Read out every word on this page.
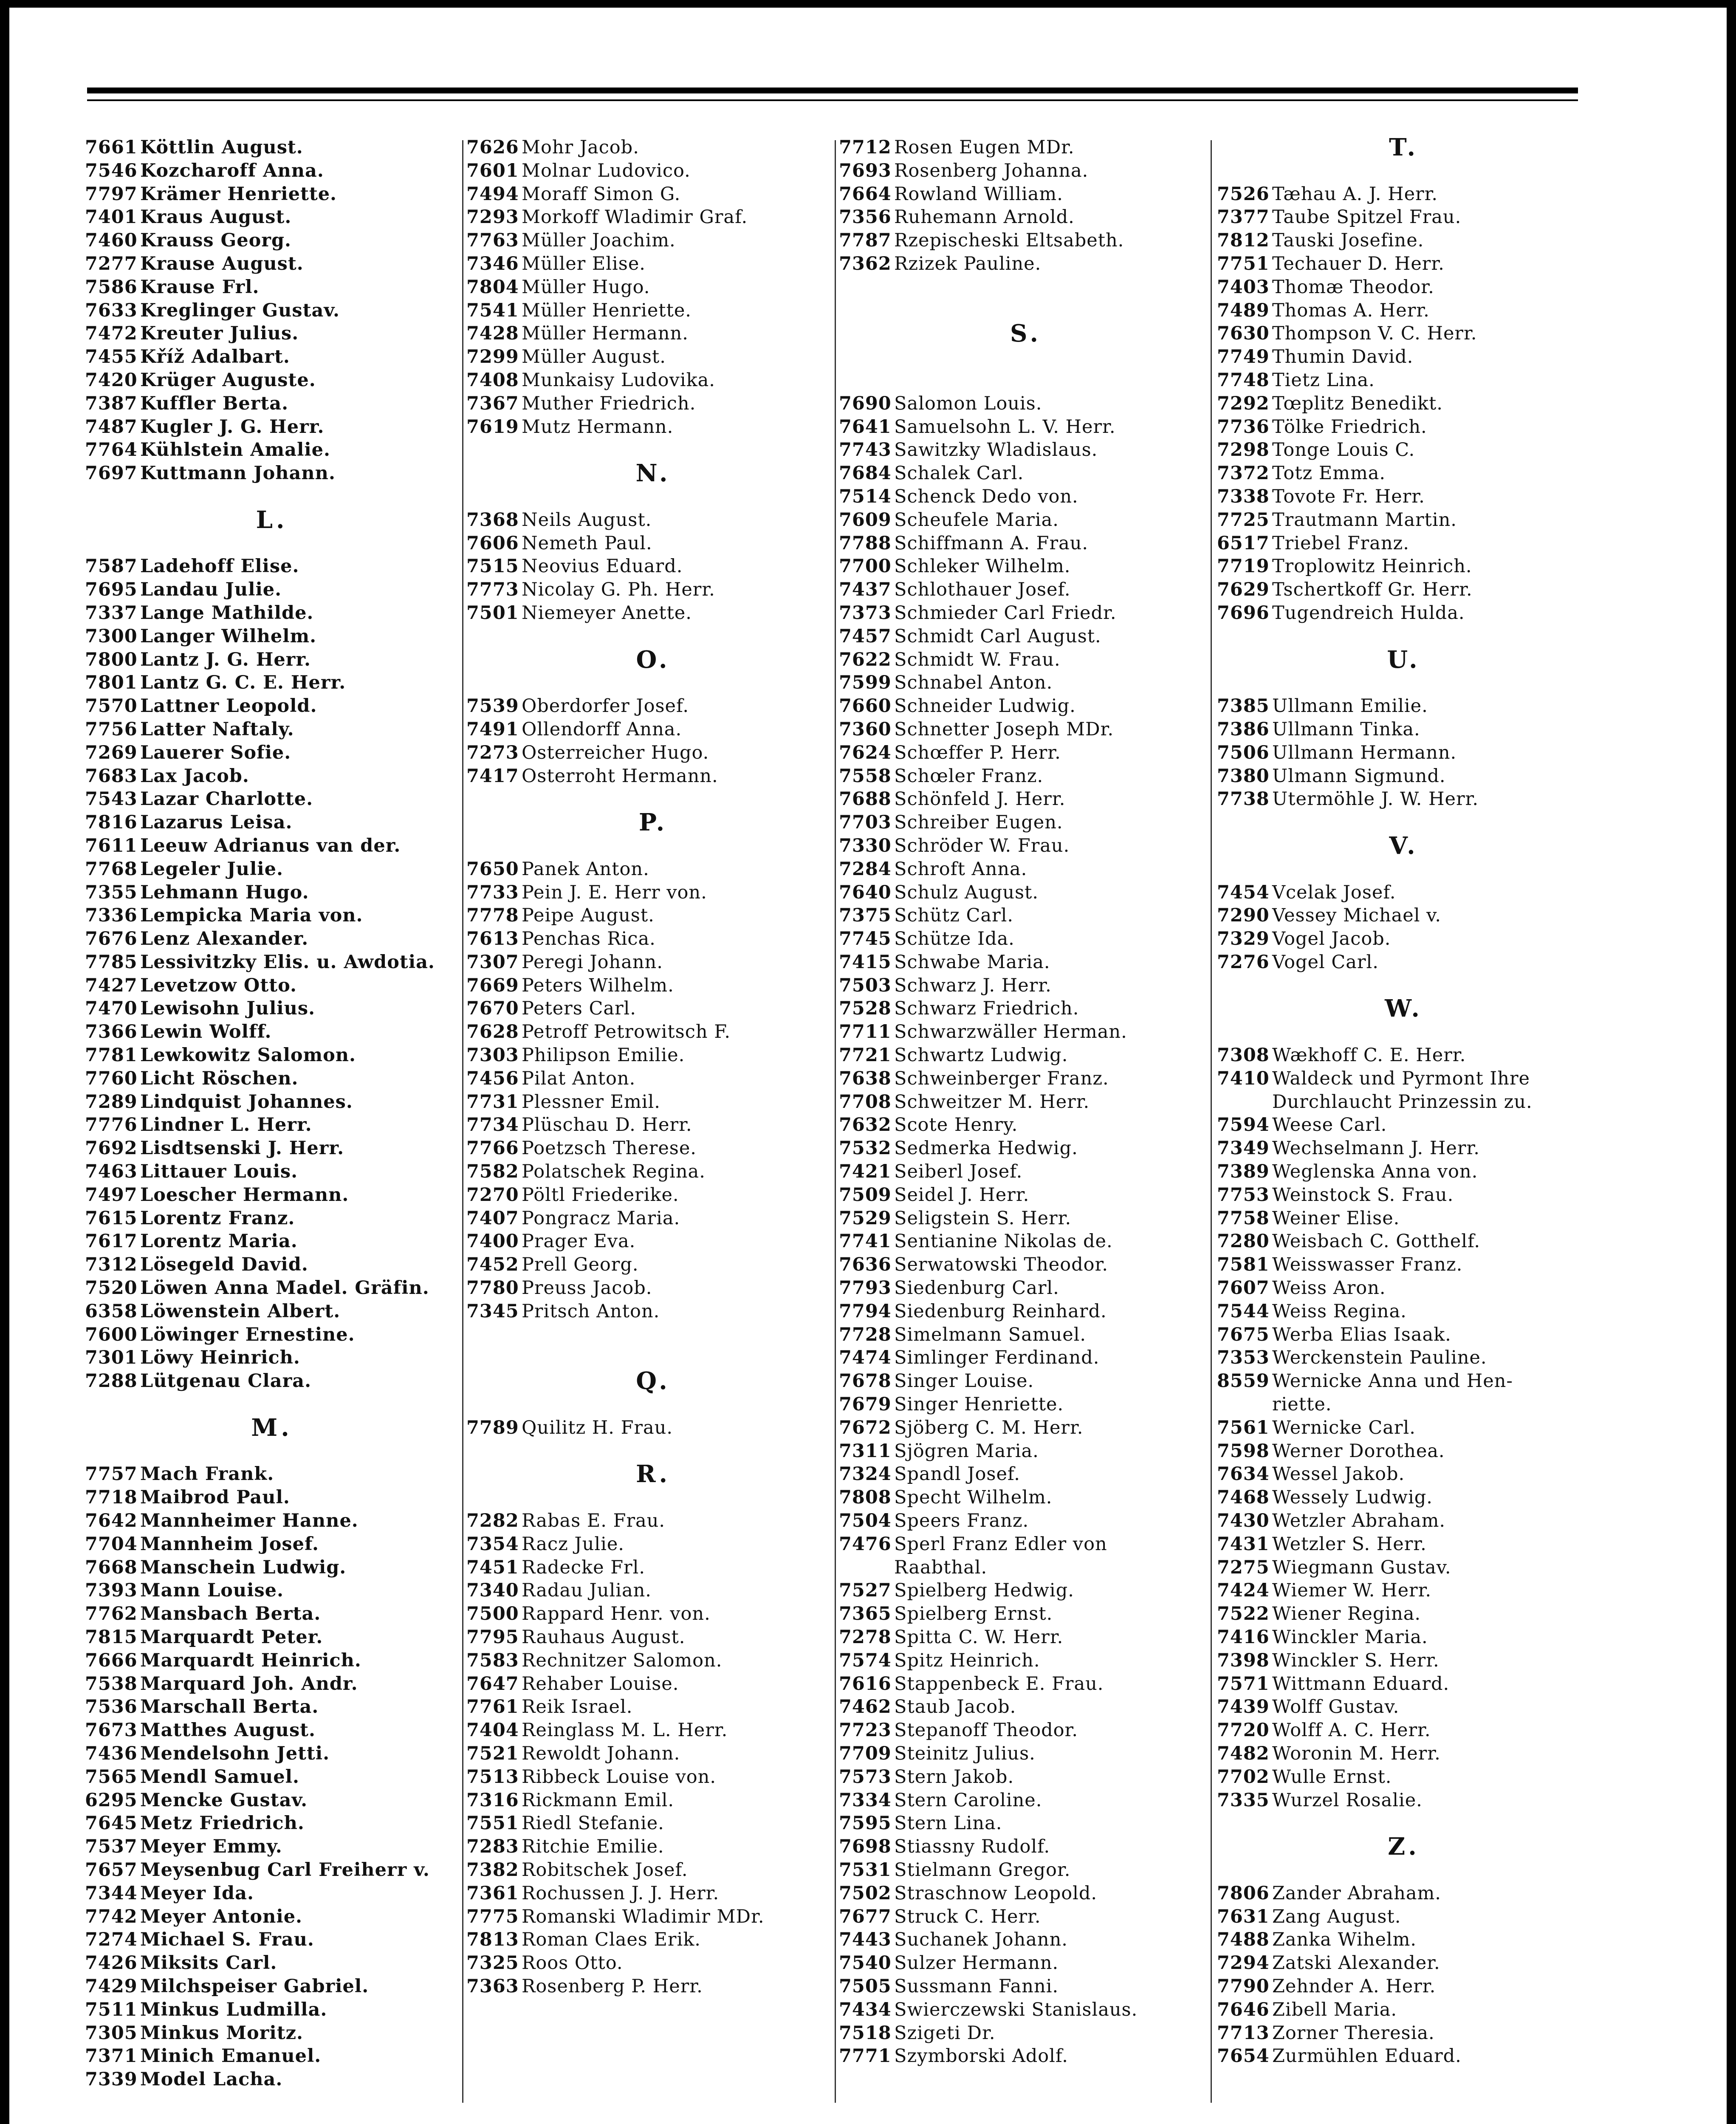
7661 Köttlin August.
7546 Kozcharoff Anna.
7797 Krämer Henriette.
7401 Kraus August.
7460 Krauss Georg.
7277 Krause August.
7586 Krause Frl.
7633 Kreglinger Gustav.
7472 Kreuter Julius.
7455 Kříž Adalbart.
7420 Krüger Auguste.
7387 Kuffler Berta.
7487 Kugler J. G. Herr.
7764 Kühlstein Amalie.
7697 Kuttmann Johann.
L.
7587 Ladehoff Elise.
7695 Landau Julie.
7337 Lange Mathilde.
7300 Langer Wilhelm.
7800 Lantz J. G. Herr.
7801 Lantz G. C. E. Herr.
7570 Lattner Leopold.
7756 Latter Naftaly.
7269 Lauerer Sofie.
7683 Lax Jacob.
7543 Lazar Charlotte.
7816 Lazarus Leisa.
7611 Leeuw Adrianus van der.
7768 Legeler Julie.
7355 Lehmann Hugo.
7336 Lempicka Maria von.
7676 Lenz Alexander.
7785 Lessivitzky Elis. u. Awdotia.
7427 Levetzow Otto.
7470 Lewisohn Julius.
7366 Lewin Wolff.
7781 Lewkowitz Salomon.
7760 Licht Röschen.
7289 Lindquist Johannes.
7776 Lindner L. Herr.
7692 Lisdtsenski J. Herr.
7463 Littauer Louis.
7497 Loescher Hermann.
7615 Lorentz Franz.
7617 Lorentz Maria.
7312 Lösegeld David.
7520 Löwen Anna Madel. Gräfin.
6358 Löwenstein Albert.
7600 Löwinger Ernestine.
7301 Löwy Heinrich.
7288 Lütgenau Clara.
M.
7757 Mach Frank.
7718 Maibrod Paul.
7642 Mannheimer Hanne.
7704 Mannheim Josef.
7668 Manschein Ludwig.
7393 Mann Louise.
7762 Mansbach Berta.
7815 Marquardt Peter.
7666 Marquardt Heinrich.
7538 Marquard Joh. Andr.
7536 Marschall Berta.
7673 Matthes August.
7436 Mendelsohn Jetti.
7565 Mendl Samuel.
6295 Mencke Gustav.
7645 Metz Friedrich.
7537 Meyer Emmy.
7657 Meysenbug Carl Freiherr v.
7344 Meyer Ida.
7742 Meyer Antonie.
7274 Michael S. Frau.
7426 Miksits Carl.
7429 Milchspeiser Gabriel.
7511 Minkus Ludmilla.
7305 Minkus Moritz.
7371 Minich Emanuel.
7339 Model Lacha.
7626 Mohr Jacob.
7601 Molnar Ludovico.
7494 Moraff Simon G.
7293 Morkoff Wladimir Graf.
7763 Müller Joachim.
7346 Müller Elise.
7804 Müller Hugo.
7541 Müller Henriette.
7428 Müller Hermann.
7299 Müller August.
7408 Munkaisy Ludovika.
7367 Muther Friedrich.
7619 Mutz Hermann.
N.
7368 Neils August.
7606 Nemeth Paul.
7515 Neovius Eduard.
7773 Nicolay G. Ph. Herr.
7501 Niemeyer Anette.
O.
7539 Oberdorfer Josef.
7491 Ollendorff Anna.
7273 Osterreicher Hugo.
7417 Osterroht Hermann.
P.
7650 Panek Anton.
7733 Pein J. E. Herr von.
7778 Peipe August.
7613 Penchas Rica.
7307 Peregi Johann.
7669 Peters Wilhelm.
7670 Peters Carl.
7628 Petroff Petrowitsch F.
7303 Philipson Emilie.
7456 Pilat Anton.
7731 Plessner Emil.
7734 Plüschau D. Herr.
7766 Poetzsch Therese.
7582 Polatschek Regina.
7270 Pöltl Friederike.
7407 Pongracz Maria.
7400 Prager Eva.
7452 Prell Georg.
7780 Preuss Jacob.
7345 Pritsch Anton.
Q.
7789 Quilitz H. Frau.
R.
7282 Rabas E. Frau.
7354 Racz Julie.
7451 Radecke Frl.
7340 Radau Julian.
7500 Rappard Henr. von.
7795 Rauhaus August.
7583 Rechnitzer Salomon.
7647 Rehaber Louise.
7761 Reik Israel.
7404 Reinglass M. L. Herr.
7521 Rewoldt Johann.
7513 Ribbeck Louise von.
7316 Rickmann Emil.
7551 Riedl Stefanie.
7283 Ritchie Emilie.
7382 Robitschek Josef.
7361 Rochussen J. J. Herr.
7775 Romanski Wladimir MDr.
7813 Roman Claes Erik.
7325 Roos Otto.
7363 Rosenberg P. Herr.
7712 Rosen Eugen MDr.
7693 Rosenberg Johanna.
7664 Rowland William.
7356 Ruhemann Arnold.
7787 Rzepischeski Eltsabeth.
7362 Rzizek Pauline.
S.
7690 Salomon Louis.
7641 Samuelsohn L. V. Herr.
7743 Sawitzky Wladislaus.
7684 Schalek Carl.
7514 Schenck Dedo von.
7609 Scheufele Maria.
7788 Schiffmann A. Frau.
7700 Schleker Wilhelm.
7437 Schlothauer Josef.
7373 Schmieder Carl Friedr.
7457 Schmidt Carl August.
7622 Schmidt W. Frau.
7599 Schnabel Anton.
7660 Schneider Ludwig.
7360 Schnetter Joseph MDr.
7624 Schœffer P. Herr.
7558 Schœler Franz.
7688 Schönfeld J. Herr.
7703 Schreiber Eugen.
7330 Schröder W. Frau.
7284 Schroft Anna.
7640 Schulz August.
7375 Schütz Carl.
7745 Schütze Ida.
7415 Schwabe Maria.
7503 Schwarz J. Herr.
7528 Schwarz Friedrich.
7711 Schwarzwäller Herman.
7721 Schwartz Ludwig.
7638 Schweinberger Franz.
7708 Schweitzer M. Herr.
7632 Scote Henry.
7532 Sedmerka Hedwig.
7421 Seiberl Josef.
7509 Seidel J. Herr.
7529 Seligstein S. Herr.
7741 Sentianine Nikolas de.
7636 Serwatowski Theodor.
7793 Siedenburg Carl.
7794 Siedenburg Reinhard.
7728 Simelmann Samuel.
7474 Simlinger Ferdinand.
7678 Singer Louise.
7679 Singer Henriette.
7672 Sjöberg C. M. Herr.
7311 Sjögren Maria.
7324 Spandl Josef.
7808 Specht Wilhelm.
7504 Speers Franz.
7476 Sperl Franz Edler von
Raabthal.
7527 Spielberg Hedwig.
7365 Spielberg Ernst.
7278 Spitta C. W. Herr.
7574 Spitz Heinrich.
7616 Stappenbeck E. Frau.
7462 Staub Jacob.
7723 Stepanoff Theodor.
7709 Steinitz Julius.
7573 Stern Jakob.
7334 Stern Caroline.
7595 Stern Lina.
7698 Stiassny Rudolf.
7531 Stielmann Gregor.
7502 Straschnow Leopold.
7677 Struck C. Herr.
7443 Suchanek Johann.
7540 Sulzer Hermann.
7505 Sussmann Fanni.
7434 Swierczewski Stanislaus.
7518 Szigeti Dr.
7771 Szymborski Adolf.
T.
7526 Tæhau A. J. Herr.
7377 Taube Spitzel Frau.
7812 Tauski Josefine.
7751 Techauer D. Herr.
7403 Thomæ Theodor.
7489 Thomas A. Herr.
7630 Thompson V. C. Herr.
7749 Thumin David.
7748 Tietz Lina.
7292 Tœplitz Benedikt.
7736 Tölke Friedrich.
7298 Tonge Louis C.
7372 Totz Emma.
7338 Tovote Fr. Herr.
7725 Trautmann Martin.
6517 Triebel Franz.
7719 Troplowitz Heinrich.
7629 Tschertkoff Gr. Herr.
7696 Tugendreich Hulda.
U.
7385 Ullmann Emilie.
7386 Ullmann Tinka.
7506 Ullmann Hermann.
7380 Ulmann Sigmund.
7738 Utermöhle J. W. Herr.
V.
7454 Vcelak Josef.
7290 Vessey Michael v.
7329 Vogel Jacob.
7276 Vogel Carl.
W.
7308 Wækhoff C. E. Herr.
7410 Waldeck und Pyrmont Ihre
Durchlaucht Prinzessin zu.
7594 Weese Carl.
7349 Wechselmann J. Herr.
7389 Weglenska Anna von.
7753 Weinstock S. Frau.
7758 Weiner Elise.
7280 Weisbach C. Gotthelf.
7581 Weisswasser Franz.
7607 Weiss Aron.
7544 Weiss Regina.
7675 Werba Elias Isaak.
7353 Werckenstein Pauline.
8559 Wernicke Anna und Hen-
riette.
7561 Wernicke Carl.
7598 Werner Dorothea.
7634 Wessel Jakob.
7468 Wessely Ludwig.
7430 Wetzler Abraham.
7431 Wetzler S. Herr.
7275 Wiegmann Gustav.
7424 Wiemer W. Herr.
7522 Wiener Regina.
7416 Winckler Maria.
7398 Winckler S. Herr.
7571 Wittmann Eduard.
7439 Wolff Gustav.
7720 Wolff A. C. Herr.
7482 Woronin M. Herr.
7702 Wulle Ernst.
7335 Wurzel Rosalie.
Z.
7806 Zander Abraham.
7631 Zang August.
7488 Zanka Wihelm.
7294 Zatski Alexander.
7790 Zehnder A. Herr.
7646 Zibell Maria.
7713 Zorner Theresia.
7654 Zurmühlen Eduard.
